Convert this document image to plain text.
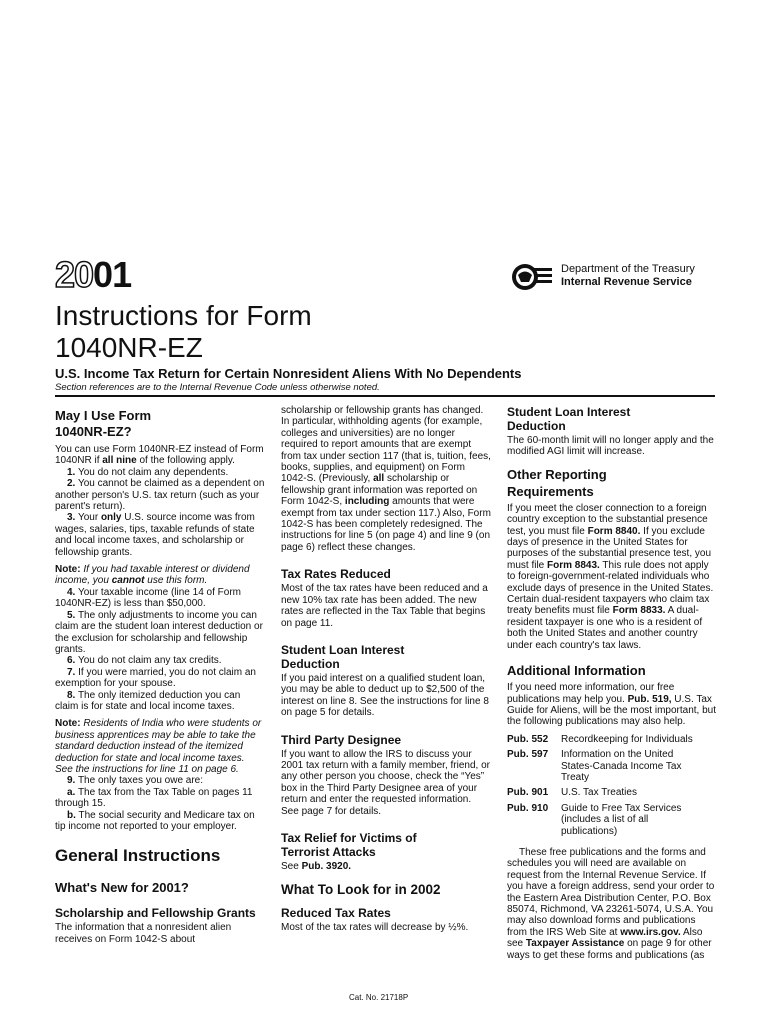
2001	Department of the Treasury
Internal Revenue Service
Instructions for Form
1040NR-EZ
U.S. Income Tax Return for Certain Nonresident Aliens With No Dependents
Section references are to the Internal Revenue Code unless otherwise noted.
May I Use Form 1040NR-EZ?

You can use Form 1040NR-EZ instead of Form 1040NR if all nine of the following apply.

1. You do not claim any dependents.

2. You cannot be claimed as a dependent on another person's U.S. tax return (such as your parent's return).

3. Your only U.S. source income was from wages, salaries, tips, taxable refunds of state and local income taxes, and scholarship or fellowship grants.

Note: If you had taxable interest or dividend income, you cannot use this form.

4. Your taxable income (line 14 of Form 1040NR-EZ) is less than $50,000.

5. The only adjustments to income you can claim are the student loan interest deduction or the exclusion for scholarship and fellowship grants.

6. You do not claim any tax credits.

7. If you were married, you do not claim an exemption for your spouse.

8. The only itemized deduction you can claim is for state and local income taxes.

Note: Residents of India who were students or business apprentices may be able to take the standard deduction instead of the itemized deduction for state and local income taxes. See the instructions for line 11 on page 6.

9. The only taxes you owe are:

a. The tax from the Tax Table on pages 11 through 15.

b. The social security and Medicare tax on tip income not reported to your employer.

General Instructions
What's New for 2001?
Scholarship and Fellowship Grants

The information that a nonresident alien receives on Form 1042-S about

scholarship or fellowship grants has changed. In particular, withholding agents (for example, colleges and universities) are no longer required to report amounts that are exempt from tax under section 117 (that is, tuition, fees, books, supplies, and equipment) on Form 1042-S. (Previously, all scholarship or fellowship grant information was reported on Form 1042-S, including amounts that were exempt from tax under section 117.) Also, Form 1042-S has been completely redesigned. The instructions for line 5 (on page 4) and line 9 (on page 6) reflect these changes.

Tax Rates Reduced

Most of the tax rates have been reduced and a new 10% tax rate has been added. The new rates are reflected in the Tax Table that begins on page 11.

Student Loan Interest Deduction

If you paid interest on a qualified student loan, you may be able to deduct up to $2,500 of the interest on line 8. See the instructions for line 8 on page 5 for details.

Third Party Designee

If you want to allow the IRS to discuss your 2001 tax return with a family member, friend, or any other person you choose, check the “Yes” box in the Third Party Designee area of your return and enter the requested information. See page 7 for details.

Tax Relief for Victims of Terrorist Attacks

See Pub. 3920.

What To Look for in 2002
Reduced Tax Rates

Most of the tax rates will decrease by ½%.

Student Loan Interest Deduction

The 60-month limit will no longer apply and the modified AGI limit will increase.

Other Reporting Requirements

If you meet the closer connection to a foreign country exception to the substantial presence test, you must file Form 8840. If you exclude days of presence in the United States for purposes of the substantial presence test, you must file Form 8843. This rule does not apply to foreign-government-related individuals who exclude days of presence in the United States. Certain dual-resident taxpayers who claim tax treaty benefits must file Form 8833. A dual-resident taxpayer is one who is a resident of both the United States and another country under each country's tax laws.

Additional Information

If you need more information, our free publications may help you. Pub. 519, U.S. Tax Guide for Aliens, will be the most important, but the following publications may also help.

Pub. 552	Recordkeeping for Individuals
Pub. 597	Information on the United States-Canada Income Tax Treaty
Pub. 901	U.S. Tax Treaties
Pub. 910	Guide to Free Tax Services (includes a list of all publications)

These free publications and the forms and schedules you will need are available on request from the Internal Revenue Service. If you have a foreign address, send your order to the Eastern Area Distribution Center, P.O. Box 85074, Richmond, VA 23261-5074, U.S.A. You may also download forms and publications from the IRS Web Site at www.irs.gov. Also see Taxpayer Assistance on page 9 for other ways to get these forms and publications (as

Cat. No. 21718P
